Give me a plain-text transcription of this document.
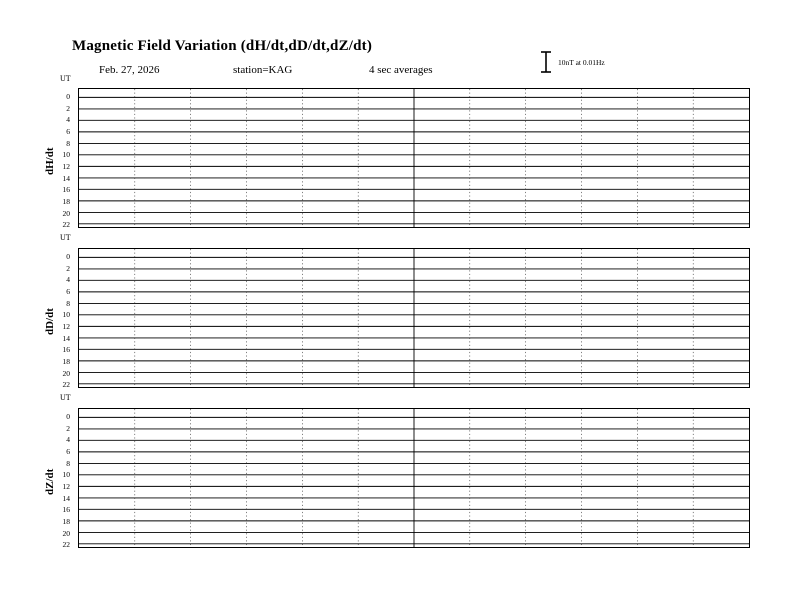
Magnetic Field Variation (dH/dt,dD/dt,dZ/dt)
Feb. 27, 2026	station=KAG	4 sec averages
10nT at 0.01Hz
UT
dH/dt
0
2
4
6
8
10
12
14
16
18
20
22
UT
dD/dt
0
2
4
6
8
10
12
14
16
18
20
22
UT
dZ/dt
0
2
4
6
8
10
12
14
16
18
20
22
